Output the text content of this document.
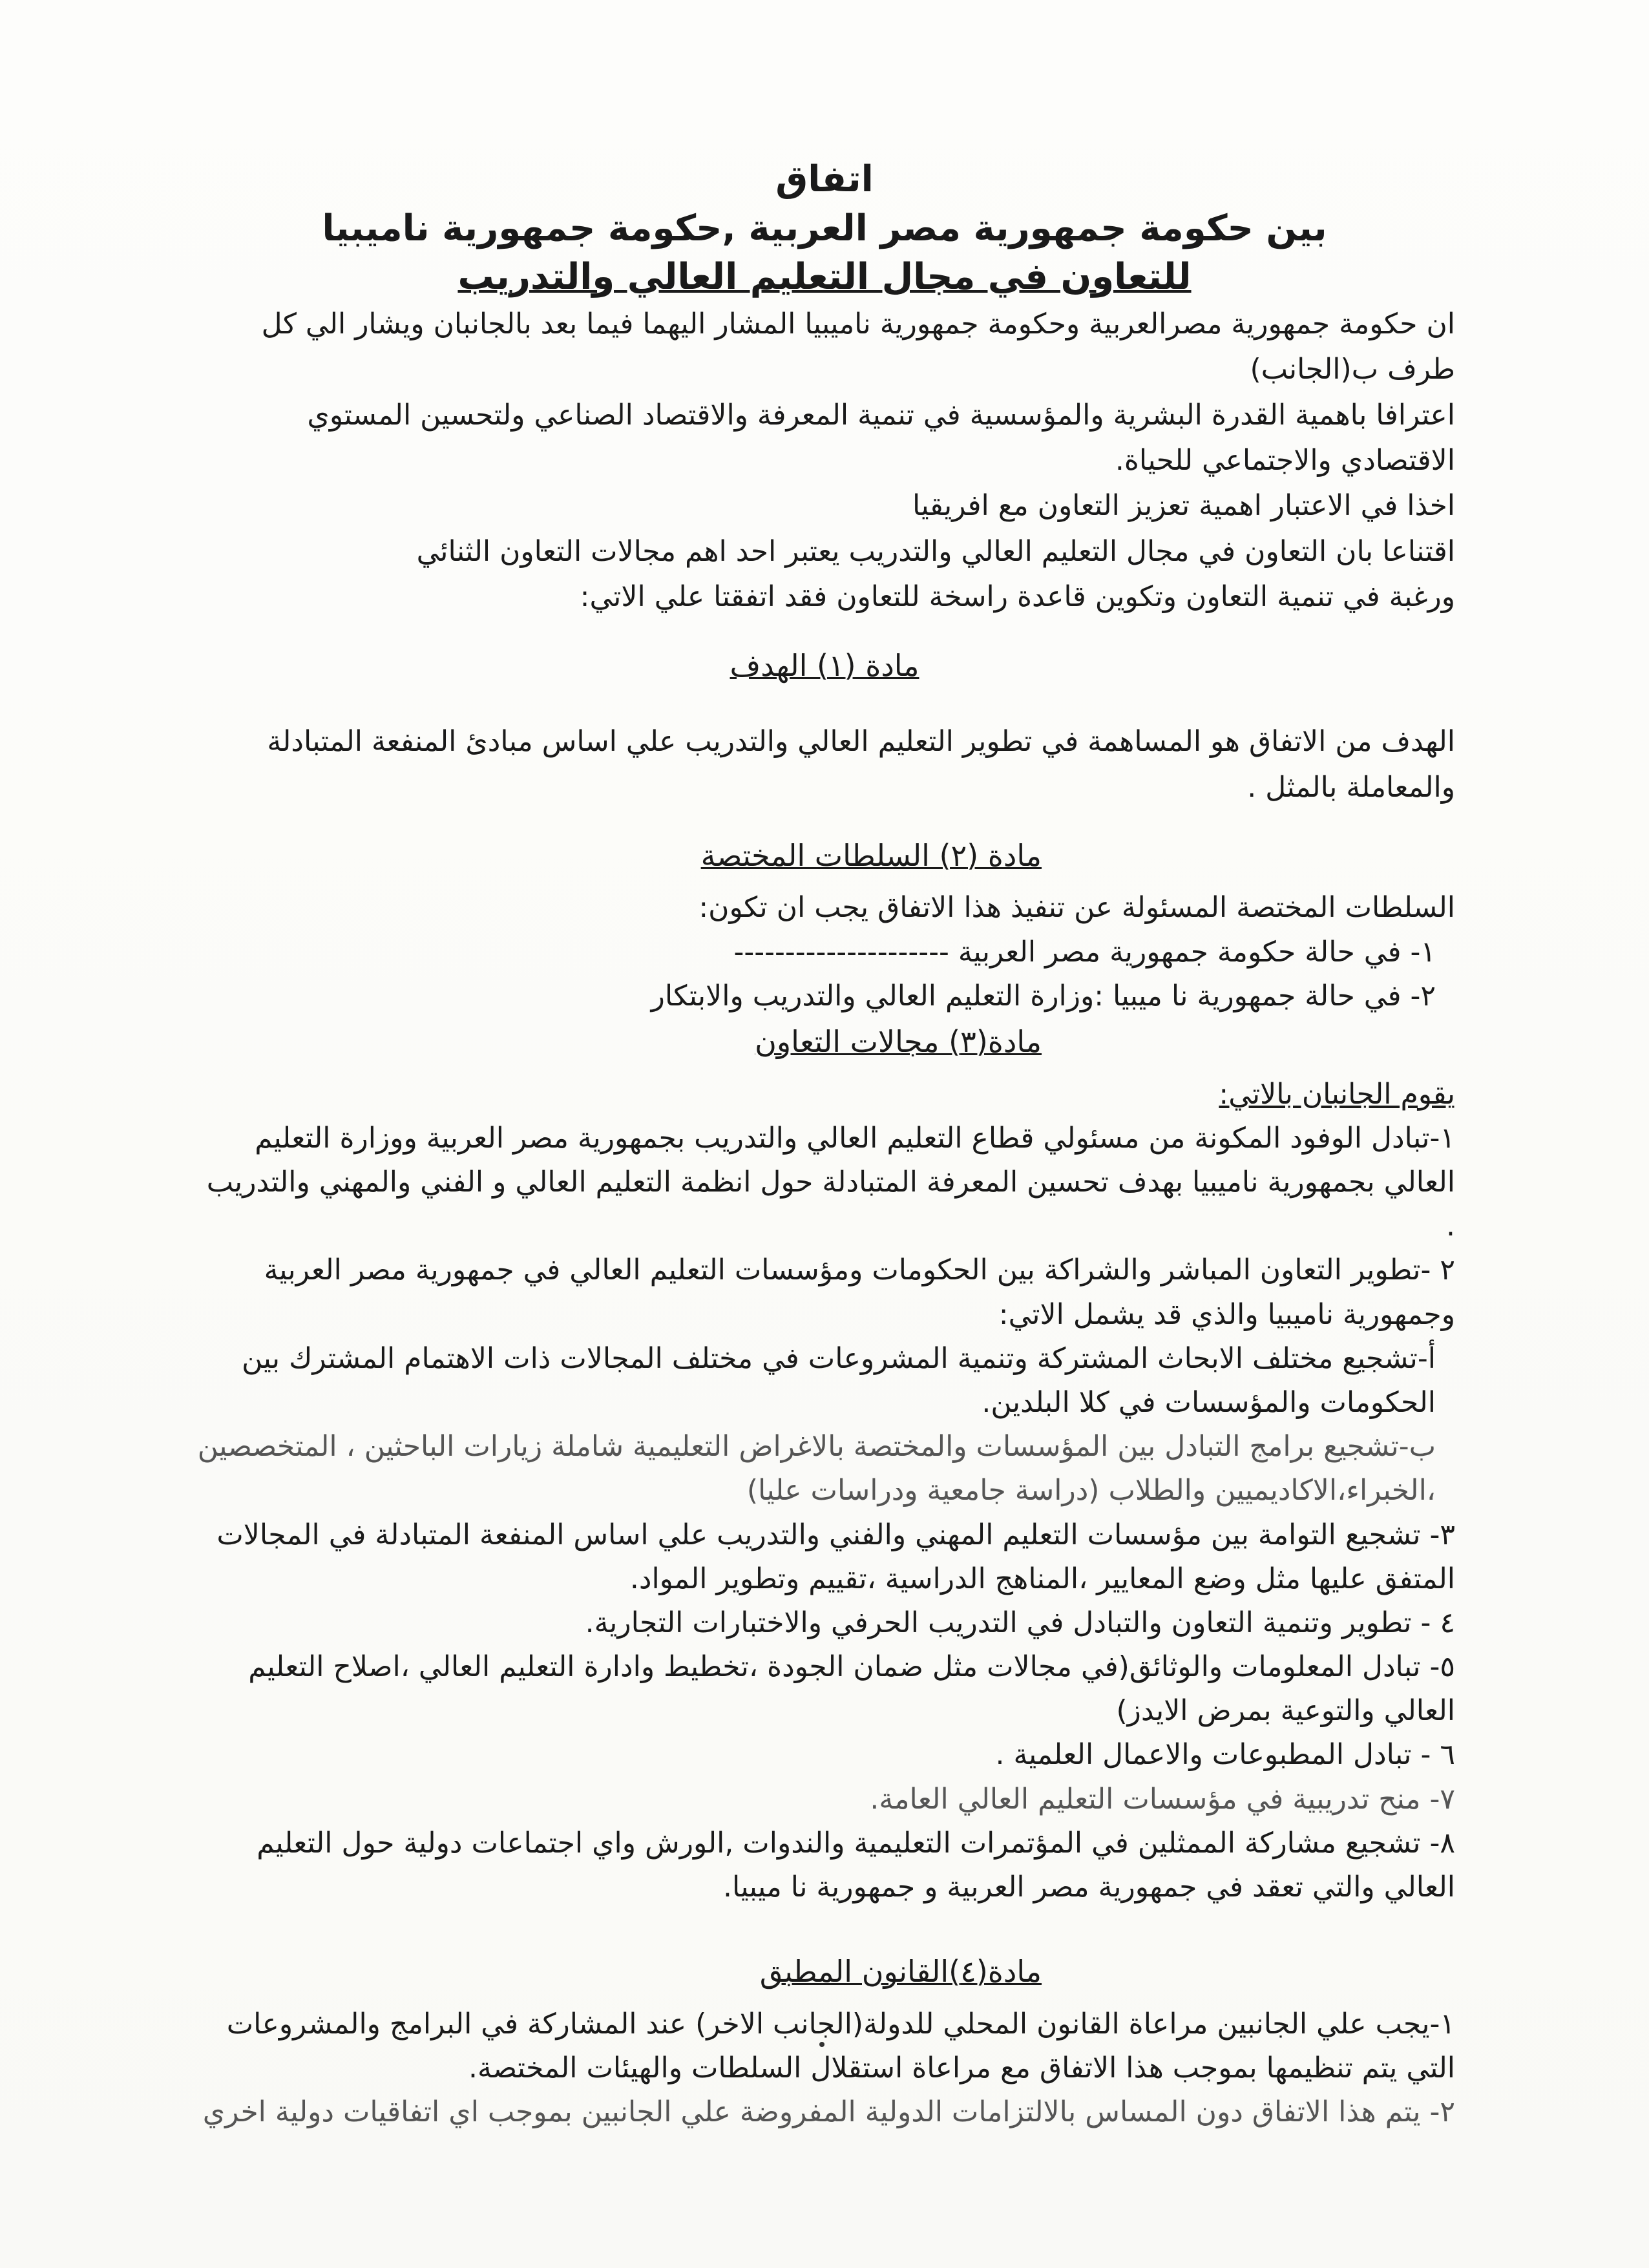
اتفاق

بين حكومة جمهورية مصر العربية ,حكومة جمهورية ناميبيا

للتعاون في مجال التعليم العالي والتدريب

ان حكومة جمهورية مصرالعربية وحكومة جمهورية ناميبيا المشار اليهما فيما بعد بالجانبان ويشار الي كل طرف ب(الجانب)

اعترافا باهمية القدرة البشرية والمؤسسية في تنمية المعرفة والاقتصاد الصناعي ولتحسين المستوي الاقتصادي والاجتماعي للحياة.

اخذا في الاعتبار اهمية تعزيز التعاون مع افريقيا

اقتناعا بان التعاون في مجال التعليم العالي والتدريب يعتبر احد اهم مجالات التعاون الثنائي

ورغبة في تنمية التعاون وتكوين قاعدة راسخة للتعاون فقد اتفقتا علي الاتي:

مادة (١) الهدف

الهدف من الاتفاق هو المساهمة في تطوير التعليم العالي والتدريب علي اساس مبادئ المنفعة المتبادلة والمعاملة بالمثل .

مادة (٢) السلطات المختصة

السلطات المختصة المسئولة عن تنفيذ هذا الاتفاق يجب ان تكون:

١- في حالة حكومة جمهورية مصر العربية ---------------------

٢- في حالة جمهورية نا ميبيا :وزارة التعليم العالي والتدريب والابتكار

مادة(٣) مجالات التعاون

يقوم الجانبان بالاتي:

١-تبادل الوفود المكونة من مسئولي قطاع التعليم العالي والتدريب بجمهورية مصر العربية ووزارة التعليم العالي بجمهورية ناميبيا بهدف تحسين المعرفة المتبادلة حول انظمة التعليم العالي و الفني والمهني والتدريب .

٢ -تطوير التعاون المباشر والشراكة بين الحكومات ومؤسسات التعليم العالي في جمهورية مصر العربية وجمهورية ناميبيا والذي قد يشمل الاتي:

أ-تشجيع مختلف الابحاث المشتركة وتنمية المشروعات في مختلف المجالات ذات الاهتمام المشترك بين الحكومات والمؤسسات في كلا البلدين.

ب-تشجيع برامج التبادل بين المؤسسات والمختصة بالاغراض التعليمية شاملة زيارات الباحثين ، المتخصصين ،الخبراء،الاكاديميين والطلاب (دراسة جامعية ودراسات عليا)

٣- تشجيع التوامة بين مؤسسات التعليم المهني والفني والتدريب علي اساس المنفعة المتبادلة في المجالات المتفق عليها مثل وضع المعايير ،المناهج الدراسية ،تقييم وتطوير المواد.

٤ - تطوير وتنمية التعاون والتبادل في التدريب الحرفي والاختبارات التجارية.

٥- تبادل المعلومات والوثائق(في مجالات مثل ضمان الجودة ،تخطيط وادارة التعليم العالي ،اصلاح التعليم العالي والتوعية بمرض الايدز)

٦ - تبادل المطبوعات والاعمال العلمية .

٧- منح تدريبية في مؤسسات التعليم العالي العامة.

٨- تشجيع مشاركة الممثلين في المؤتمرات التعليمية والندوات ,الورش واي اجتماعات دولية حول التعليم العالي والتي تعقد في جمهورية مصر العربية و جمهورية نا ميبيا.

مادة(٤)القانون المطبق

١-يجب علي الجانبين مراعاة القانون المحلي للدولة(الجانب الاخر) عند المشاركة في البرامج والمشروعات التي يتم تنظيمها بموجب هذا الاتفاق مع مراعاة استقلال السلطات والهيئات المختصة.

٢- يتم هذا الاتفاق دون المساس بالالتزامات الدولية المفروضة علي الجانبين بموجب اي اتفاقيات دولية اخري
